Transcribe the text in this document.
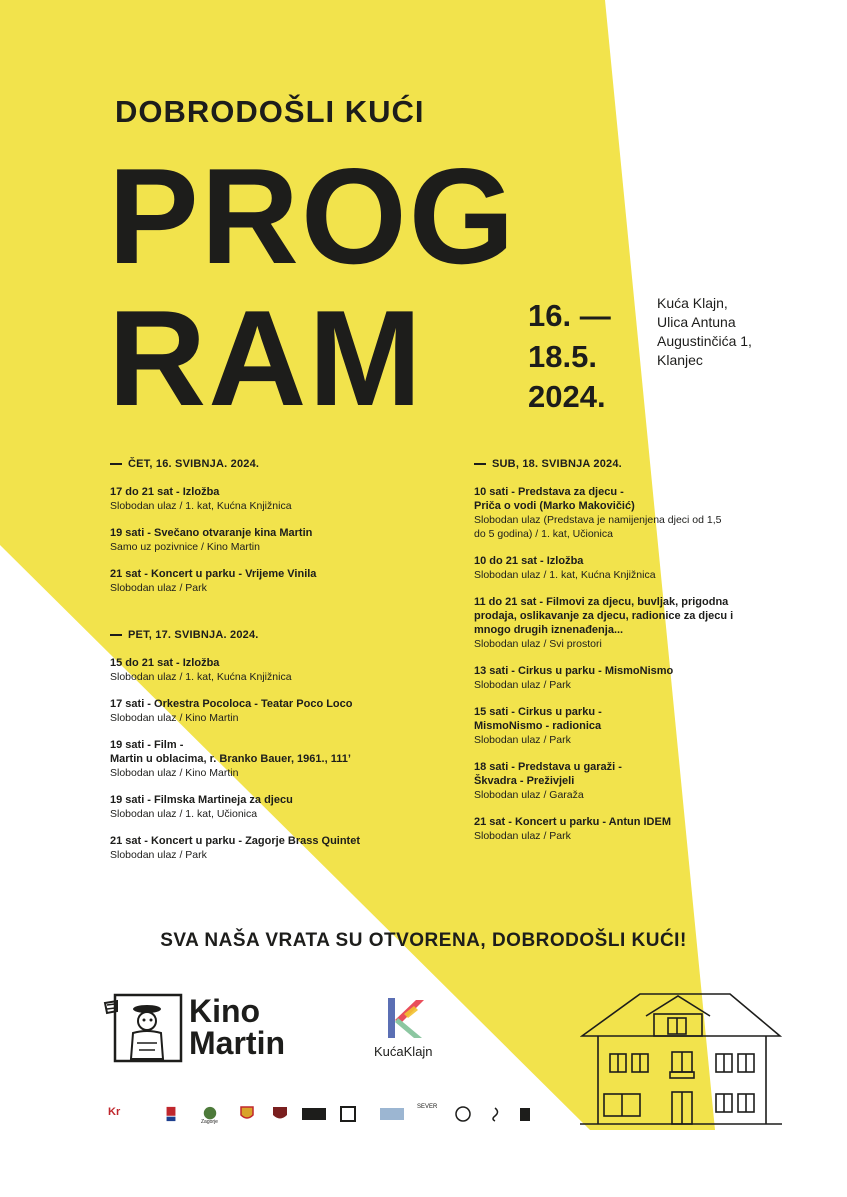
DOBRODOŠLI KUĆI
PROG
RAM	16. —
18.5.
2024.
Kuća Klajn,
Ulica Antuna
Augustinčića 1,
Klanjec
ČET, 16. SVIBNJA. 2024.
17 do 21 sat - Izložba
Slobodan ulaz / 1. kat, Kućna Knjižnica
19 sati - Svečano otvaranje kina Martin
Samo uz pozivnice / Kino Martin
21 sat - Koncert u parku - Vrijeme Vinila
Slobodan ulaz / Park
PET, 17. SVIBNJA. 2024.
15 do 21 sat - Izložba
Slobodan ulaz / 1. kat, Kućna Knjižnica
17 sati - Orkestra Pocoloca - Teatar Poco Loco
Slobodan ulaz / Kino Martin
19 sati - Film -
Martin u oblacima, r. Branko Bauer, 1961., 111’
Slobodan ulaz / Kino Martin
19 sati - Filmska Martineja za djecu
Slobodan ulaz / 1. kat, Učionica
21 sat - Koncert u parku - Zagorje Brass Quintet
Slobodan ulaz / Park
SUB, 18. SVIBNJA 2024.
10 sati - Predstava za djecu -
Priča o vodi (Marko Makovičić)
Slobodan ulaz (Predstava je namijenjena djeci od 1,5
do 5 godina) / 1. kat, Učionica
10 do 21 sat - Izložba
Slobodan ulaz / 1. kat, Kućna Knjižnica
11 do 21 sat - Filmovi za djecu, buvljak, prigodna
prodaja, oslikavanje za djecu, radionice za djecu i
mnogo drugih iznenađenja...
Slobodan ulaz / Svi prostori
13 sati - Cirkus u parku - MismoNismo
Slobodan ulaz / Park
15 sati - Cirkus u parku -
MismoNismo - radionica
Slobodan ulaz / Park
18 sati - Predstava u garaži -
Škvadra - Preživjeli
Slobodan ulaz / Garaža
21 sat - Koncert u parku - Antun IDEM
Slobodan ulaz / Park
SVA NAŠA VRATA SU OTVORENA, DOBRODOŠLI KUĆI!
Kino
Martin	KućaKlajn
Kr
Zagorje
SEVER
